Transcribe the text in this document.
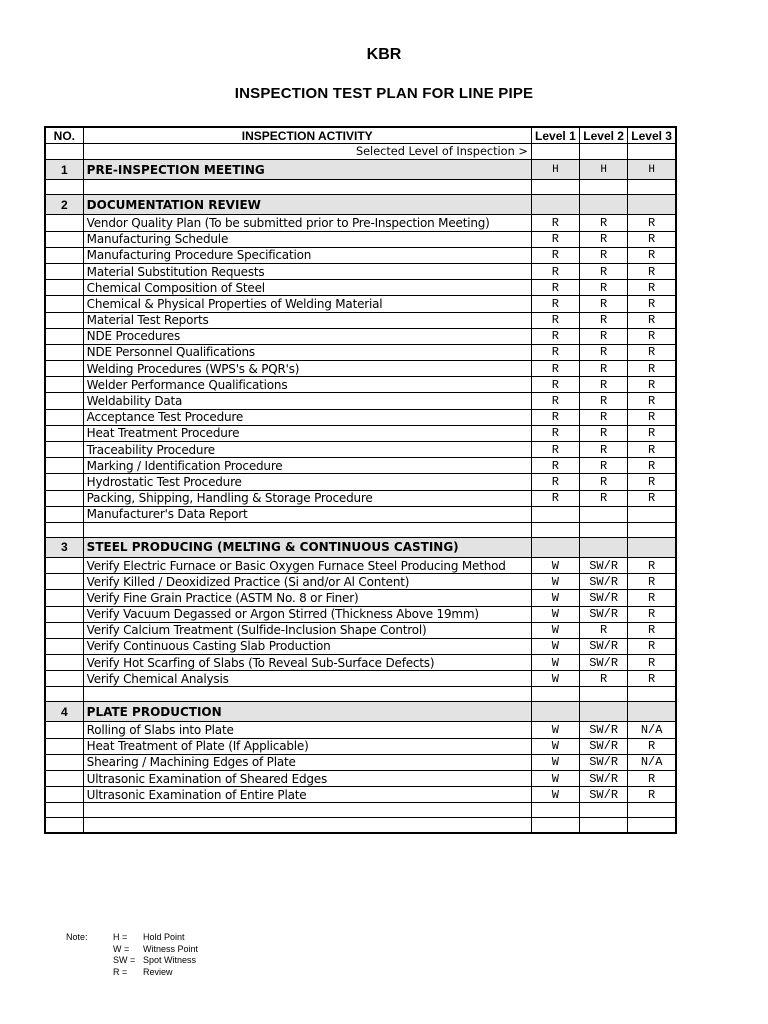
KBR
INSPECTION TEST PLAN FOR LINE PIPE
NO.	INSPECTION ACTIVITY	Level 1	Level 2	Level 3
	Selected Level of Inspection >			
1	PRE-INSPECTION MEETING	H	H	H

2	DOCUMENTATION REVIEW			
	Vendor Quality Plan (To be submitted prior to Pre-Inspection Meeting)	R	R	R
	Manufacturing Schedule	R	R	R
	Manufacturing Procedure Specification	R	R	R
	Material Substitution Requests	R	R	R
	Chemical Composition of Steel	R	R	R
	Chemical & Physical Properties of Welding Material	R	R	R
	Material Test Reports	R	R	R
	NDE Procedures	R	R	R
	NDE Personnel Qualifications	R	R	R
	Welding Procedures (WPS's & PQR's)	R	R	R
	Welder Performance Qualifications	R	R	R
	Weldability Data	R	R	R
	Acceptance Test Procedure	R	R	R
	Heat Treatment Procedure	R	R	R
	Traceability Procedure	R	R	R
	Marking / Identification Procedure	R	R	R
	Hydrostatic Test Procedure	R	R	R
	Packing, Shipping, Handling & Storage Procedure	R	R	R
	Manufacturer's Data Report			

3	STEEL PRODUCING (MELTING & CONTINUOUS CASTING)			
	Verify Electric Furnace or Basic Oxygen Furnace Steel Producing Method	W	SW/R	R
	Verify Killed / Deoxidized Practice (Si and/or Al Content)	W	SW/R	R
	Verify Fine Grain Practice (ASTM No. 8 or Finer)	W	SW/R	R
	Verify Vacuum Degassed or Argon Stirred (Thickness Above 19mm)	W	SW/R	R
	Verify Calcium Treatment (Sulfide-Inclusion Shape Control)	W	R	R
	Verify Continuous Casting Slab Production	W	SW/R	R
	Verify Hot Scarfing of Slabs (To Reveal Sub-Surface Defects)	W	SW/R	R
	Verify Chemical Analysis	W	R	R

4	PLATE PRODUCTION			
	Rolling of Slabs into Plate	W	SW/R	N/A
	Heat Treatment of Plate (If Applicable)	W	SW/R	R
	Shearing / Machining Edges of Plate	W	SW/R	N/A
	Ultrasonic Examination of Sheared Edges	W	SW/R	R
	Ultrasonic Examination of Entire Plate	W	SW/R	R

Note:	H = Hold Point
W = Witness Point
SW = Spot Witness
R = Review
